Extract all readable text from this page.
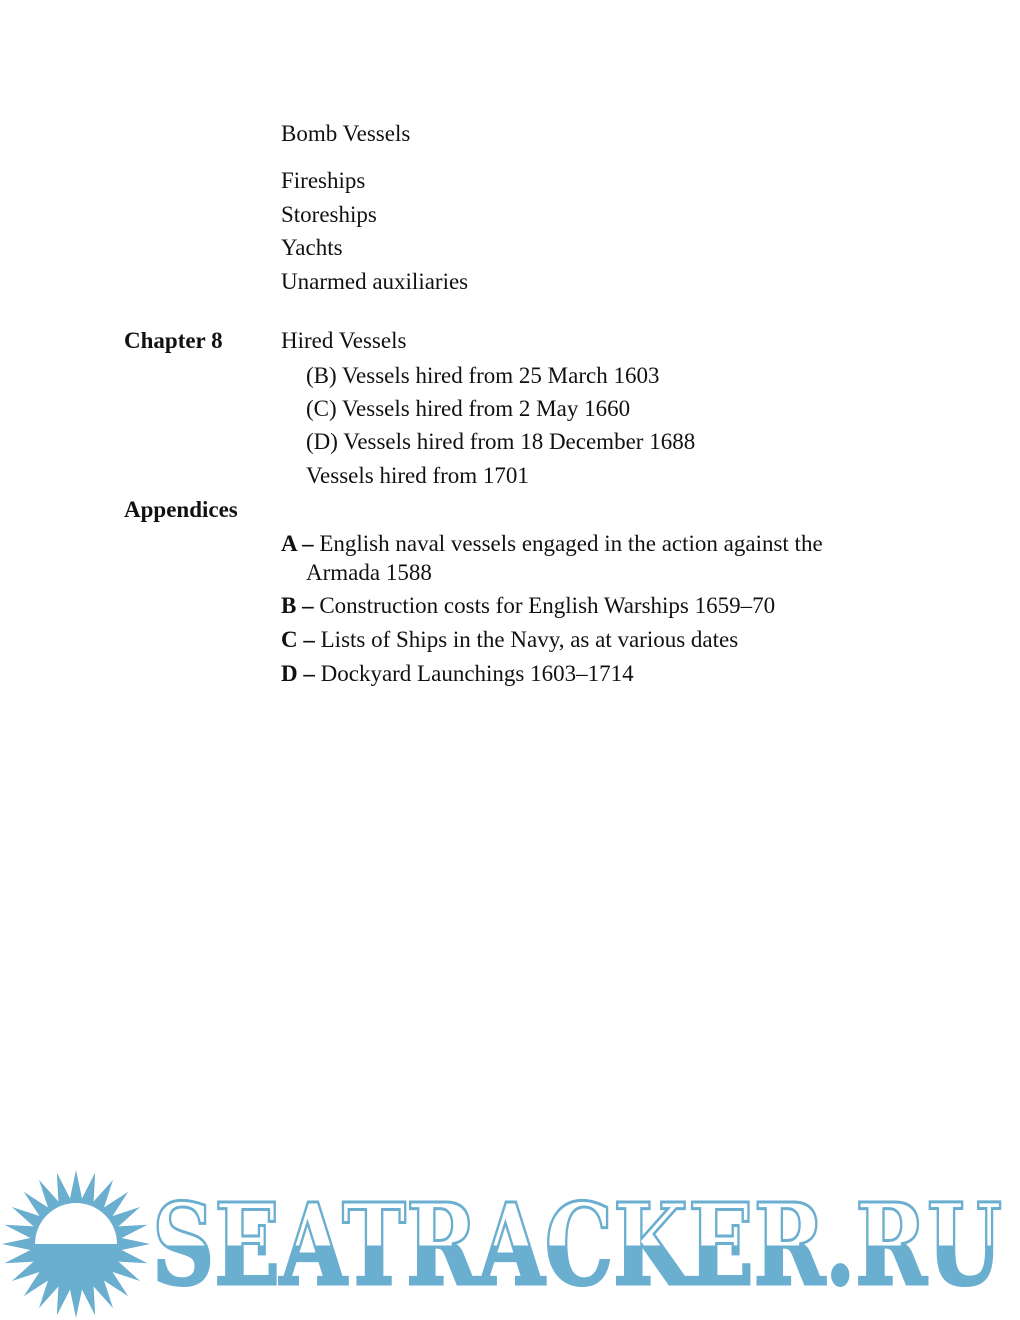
Bomb Vessels
Fireships
Storeships
Yachts
Unarmed auxiliaries
Chapter 8	Hired Vessels
(B) Vessels hired from 25 March 1603
(C) Vessels hired from 2 May 1660
(D) Vessels hired from 18 December 1688
Vessels hired from 1701
Appendices
A – English naval vessels engaged in the action against the
Armada 1588
B – Construction costs for English Warships 1659–70
C – Lists of Ships in the Navy, as at various dates
D – Dockyard Launchings 1603–1714
SEATRACKER.RU
